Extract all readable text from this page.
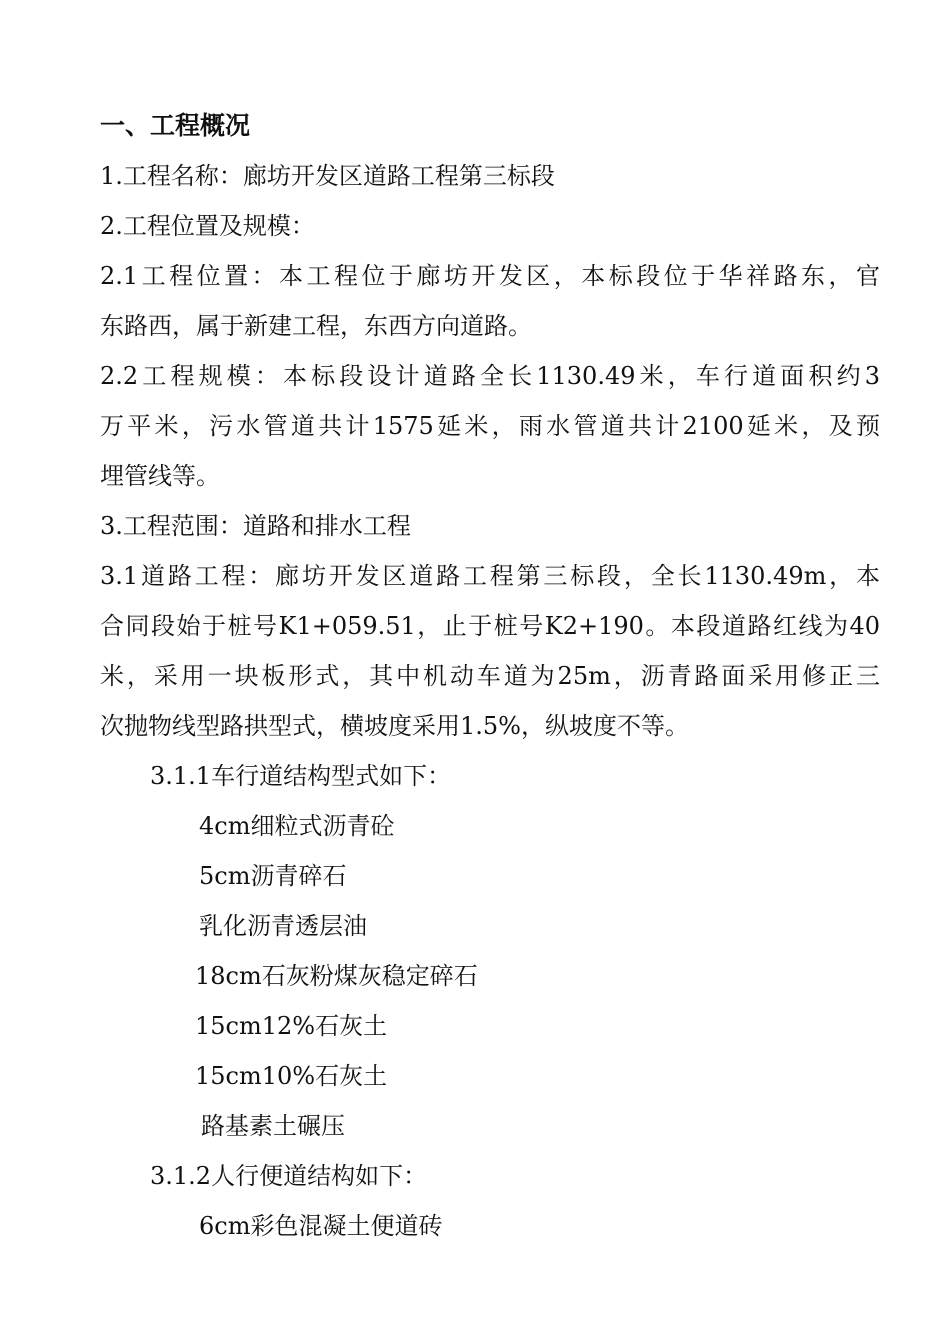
一、工程概况
1.工程名称：廊坊开发区道路工程第三标段
2.工程位置及规模：
2.1工程位置：本工程位于廊坊开发区，本标段位于华祥路东，官
东路西，属于新建工程，东西方向道路。
2.2工程规模：本标段设计道路全长1130.49米，车行道面积约3
万平米，污水管道共计1575延米，雨水管道共计2100延米，及预
埋管线等。
3.工程范围：道路和排水工程
3.1道路工程：廊坊开发区道路工程第三标段，全长1130.49m，本
合同段始于桩号K1+059.51，止于桩号K2+190。本段道路红线为40
米，采用一块板形式，其中机动车道为25m，沥青路面采用修正三
次抛物线型路拱型式，横坡度采用1.5%，纵坡度不等。
3.1.1车行道结构型式如下：
4cm细粒式沥青砼
5cm沥青碎石
乳化沥青透层油
18cm石灰粉煤灰稳定碎石
15cm12%石灰土
15cm10%石灰土
路基素土碾压
3.1.2人行便道结构如下：
6cm彩色混凝土便道砖
